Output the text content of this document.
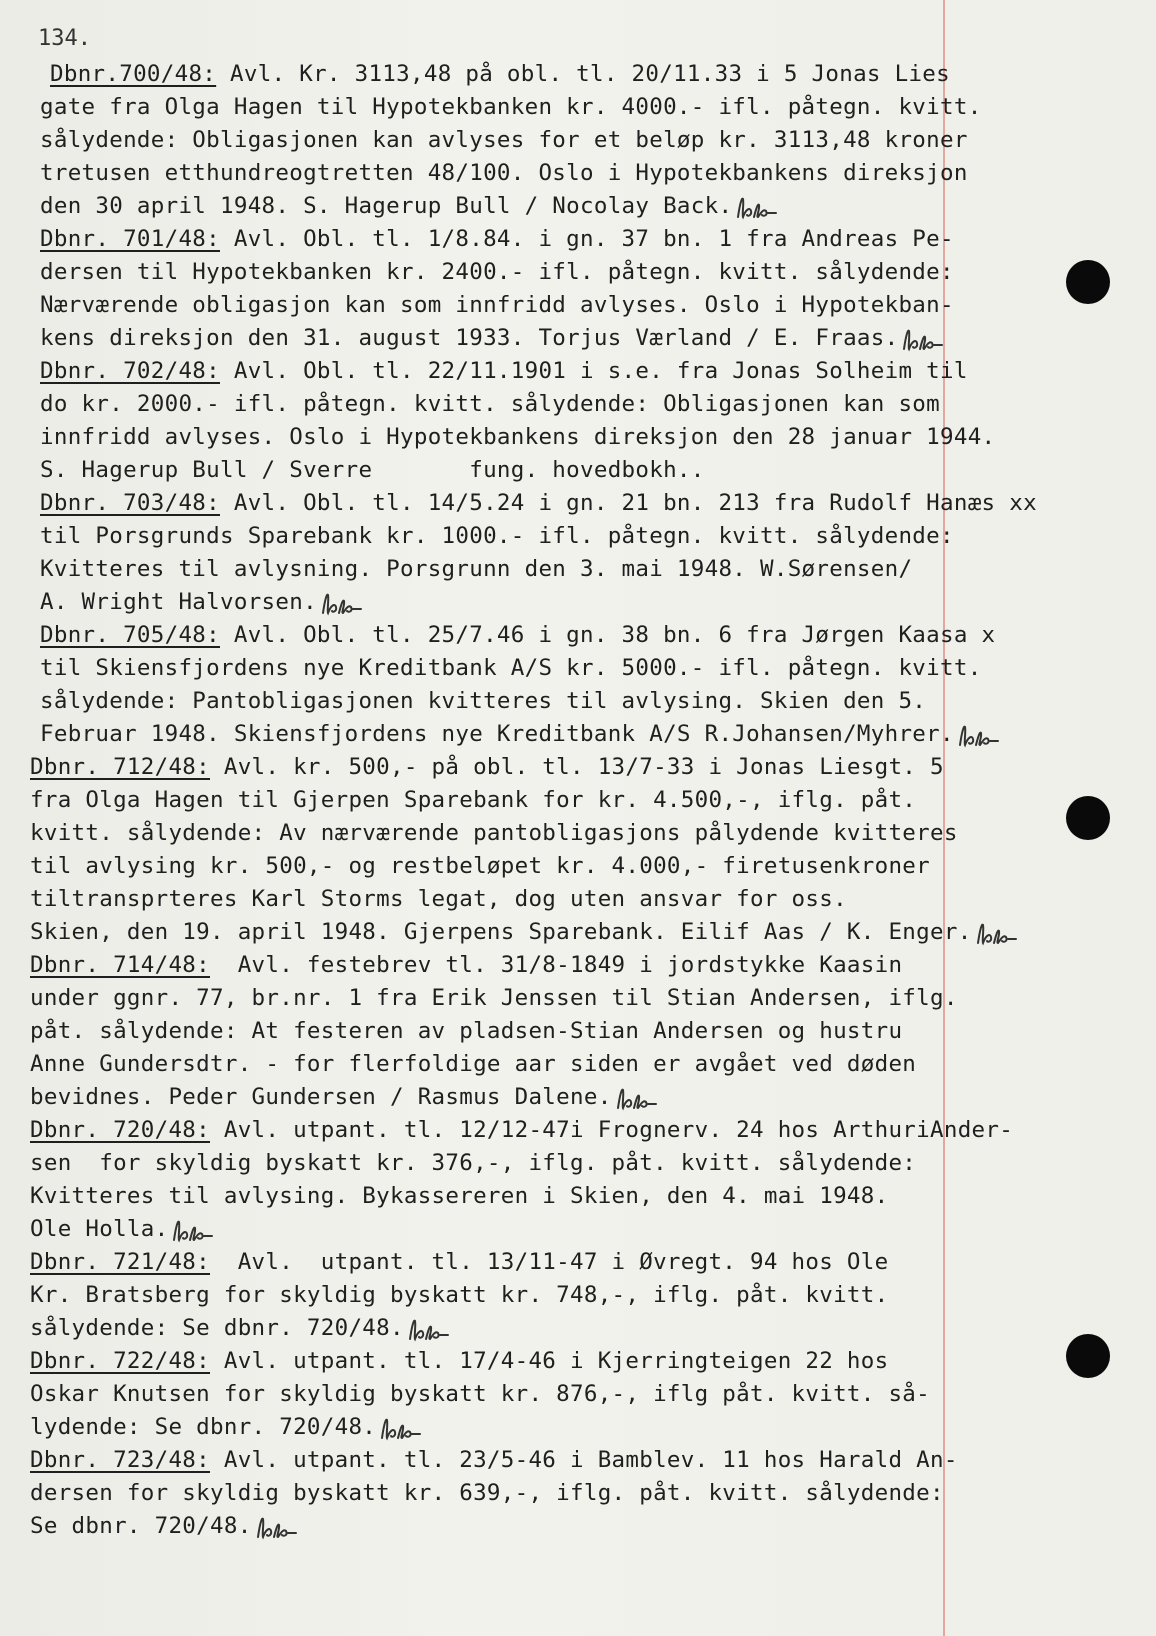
134.
Dbnr.700/48: Avl. Kr. 3113,48 på obl. tl. 20/11.33 i 5 Jonas Lies
gate fra Olga Hagen til Hypotekbanken kr. 4000.- ifl. påtegn. kvitt.
sålydende: Obligasjonen kan avlyses for et beløp kr. 3113,48 kroner
tretusen etthundreogtretten 48/100. Oslo i Hypotekbankens direksjon
den 30 april 1948. S. Hagerup Bull / Nocolay Back.
Dbnr. 701/48: Avl. Obl. tl. 1/8.84. i gn. 37 bn. 1 fra Andreas Pe-
dersen til Hypotekbanken kr. 2400.- ifl. påtegn. kvitt. sålydende:
Nærværende obligasjon kan som innfridd avlyses. Oslo i Hypotekban-
kens direksjon den 31. august 1933. Torjus Værland / E. Fraas.
Dbnr. 702/48: Avl. Obl. tl. 22/11.1901 i s.e. fra Jonas Solheim til
do kr. 2000.- ifl. påtegn. kvitt. sålydende: Obligasjonen kan som
innfridd avlyses. Oslo i Hypotekbankens direksjon den 28 januar 1944.
S. Hagerup Bull / Sverre       fung. hovedbokh..
Dbnr. 703/48: Avl. Obl. tl. 14/5.24 i gn. 21 bn. 213 fra Rudolf Hanæs xx
til Porsgrunds Sparebank kr. 1000.- ifl. påtegn. kvitt. sålydende:
Kvitteres til avlysning. Porsgrunn den 3. mai 1948. W.Sørensen/
A. Wright Halvorsen.
Dbnr. 705/48: Avl. Obl. tl. 25/7.46 i gn. 38 bn. 6 fra Jørgen Kaasa x
til Skiensfjordens nye Kreditbank A/S kr. 5000.- ifl. påtegn. kvitt.
sålydende: Pantobligasjonen kvitteres til avlysing. Skien den 5.
Februar 1948. Skiensfjordens nye Kreditbank A/S R.Johansen/Myhrer.
Dbnr. 712/48: Avl. kr. 500,- på obl. tl. 13/7-33 i Jonas Liesgt. 5
fra Olga Hagen til Gjerpen Sparebank for kr. 4.500,-, iflg. påt.
kvitt. sålydende: Av nærværende pantobligasjons pålydende kvitteres
til avlysing kr. 500,- og restbeløpet kr. 4.000,- firetusenkroner
tiltransprteres Karl Storms legat, dog uten ansvar for oss.
Skien, den 19. april 1948. Gjerpens Sparebank. Eilif Aas / K. Enger.
Dbnr. 714/48:  Avl. festebrev tl. 31/8-1849 i jordstykke Kaasin
under ggnr. 77, br.nr. 1 fra Erik Jenssen til Stian Andersen, iflg.
påt. sålydende: At festeren av pladsen-Stian Andersen og hustru
Anne Gundersdtr. - for flerfoldige aar siden er avgået ved døden
bevidnes. Peder Gundersen / Rasmus Dalene.
Dbnr. 720/48: Avl. utpant. tl. 12/12-47i Frognerv. 24 hos ArthuriAnder-
sen  for skyldig byskatt kr. 376,-, iflg. påt. kvitt. sålydende:
Kvitteres til avlysing. Bykassereren i Skien, den 4. mai 1948.
Ole Holla.
Dbnr. 721/48:  Avl.  utpant. tl. 13/11-47 i Øvregt. 94 hos Ole
Kr. Bratsberg for skyldig byskatt kr. 748,-, iflg. påt. kvitt.
sålydende: Se dbnr. 720/48.
Dbnr. 722/48: Avl. utpant. tl. 17/4-46 i Kjerringteigen 22 hos
Oskar Knutsen for skyldig byskatt kr. 876,-, iflg påt. kvitt. så-
lydende: Se dbnr. 720/48.
Dbnr. 723/48: Avl. utpant. tl. 23/5-46 i Bamblev. 11 hos Harald An-
dersen for skyldig byskatt kr. 639,-, iflg. påt. kvitt. sålydende:
Se dbnr. 720/48.
